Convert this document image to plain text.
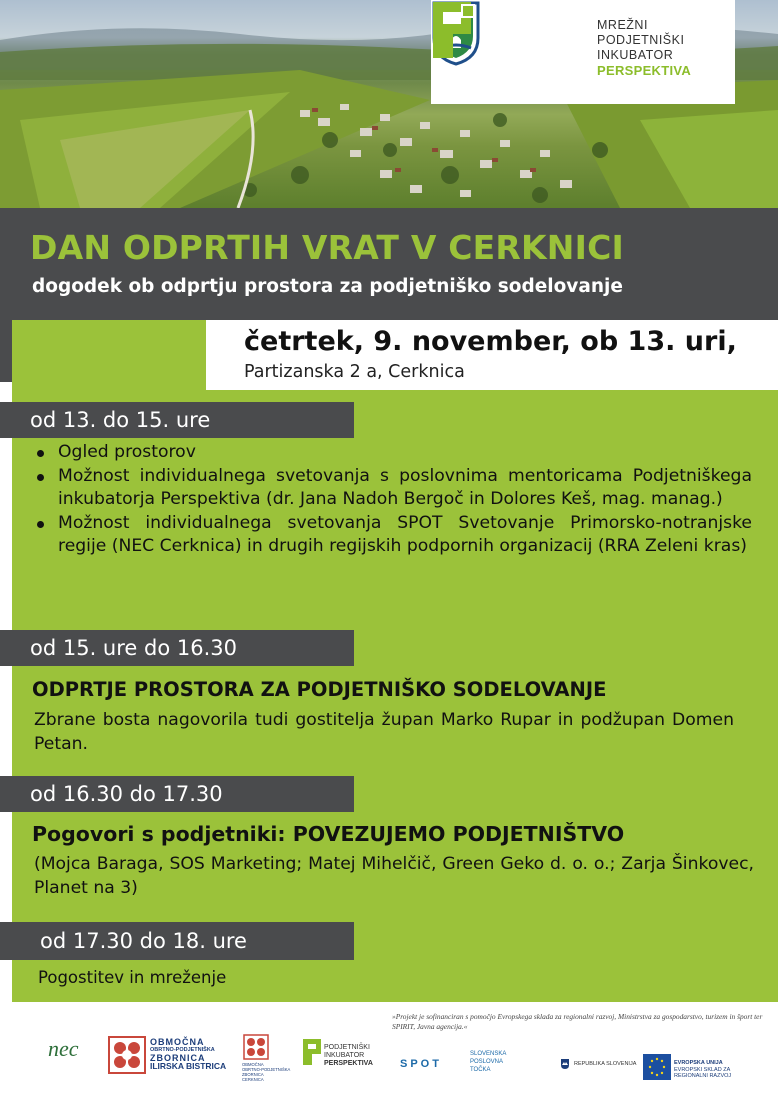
MREŽNI
PODJETNIŠKI
INKUBATOR
PERSPEKTIVA
DAN ODPRTIH VRAT V CERKNICI
dogodek ob odprtju prostora za podjetniško sodelovanje
četrtek, 9. november, ob 13. uri,
Partizanska 2 a, Cerknica
od 13. do 15. ure
Ogled prostorov
Možnost individualnega svetovanja s poslovnima mentoricama Podjetniškega inkubatorja Perspektiva (dr. Jana Nadoh Bergoč in Dolores Keš, mag. manag.)
Možnost individualnega svetovanja SPOT Svetovanje Primorsko-notranjske regije (NEC Cerknica) in drugih regijskih podpornih organizacij (RRA Zeleni kras)
od 15. ure do 16.30
ODPRTJE PROSTORA ZA PODJETNIŠKO SODELOVANJE
Zbrane bosta nagovorila tudi gostitelja župan Marko Rupar in podžupan Domen Petan.
od 16.30 do 17.30
Pogovori s podjetniki: POVEZUJEMO PODJETNIŠTVO
(Mojca Baraga, SOS Marketing; Matej Mihelčič, Green Geko d. o. o.; Zarja Šinkovec, Planet na 3)
od 17.30 do 18. ure
Pogostitev in mreženje
»Projekt je sofinanciran s pomočjo Evropskega sklada za regionalni razvoj, Ministrstva za gospodarstvo, turizem in šport ter SPIRIT, Javna agencija.«
nec	OBMOČNA
OBRTNO-PODJETNIŠKA
ZBORNICA
ILIRSKA BISTRICA	OBMOČNA
OBRTNO-PODJETNIŠKA
ZBORNICA
CERKNICA
PODJETNIŠKI
INKUBATOR
PERSPEKTIVA SPOT
SLOVENSKA
POSLOVNA
TOČKA
REPUBLIKA SLOVENIJA	EVROPSKA UNIJA
EVROPSKI SKLAD ZA
REGIONALNI RAZVOJ
